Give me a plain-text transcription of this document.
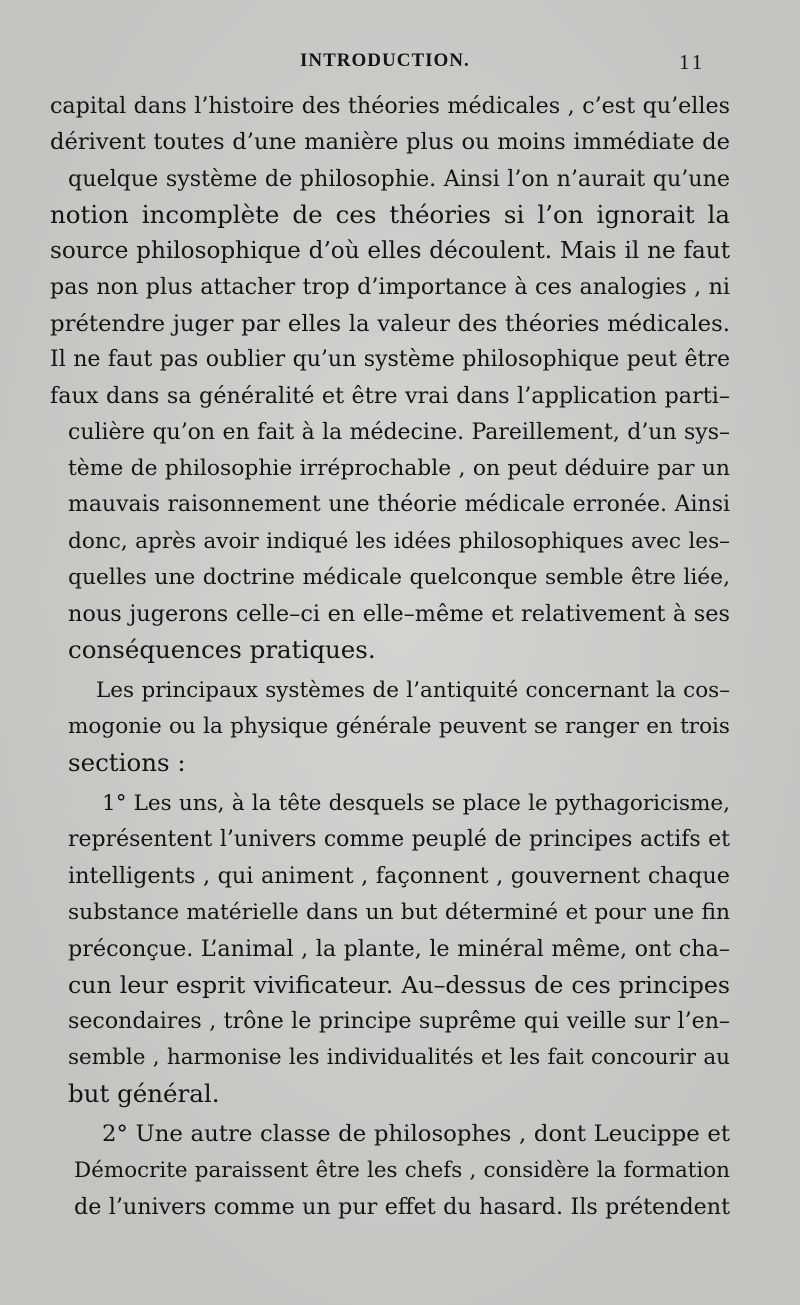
INTRODUCTION.	11
capital dans l’histoire des théories médicales , c’est qu’elles
dérivent toutes d’une manière plus ou moins immédiate de
quelque système de philosophie. Ainsi l’on n’aurait qu’une
notion incomplète de ces théories si l’on ignorait la
source philosophique d’où elles découlent. Mais il ne faut
pas non plus attacher trop d’importance à ces analogies , ni
prétendre juger par elles la valeur des théories médicales.
Il ne faut pas oublier qu’un système philosophique peut être
faux dans sa généralité et être vrai dans l’application parti–
culière qu’on en fait à la médecine. Pareillement, d’un sys–
tème de philosophie irréprochable , on peut déduire par un
mauvais raisonnement une théorie médicale erronée. Ainsi
donc, après avoir indiqué les idées philosophiques avec les–
quelles une doctrine médicale quelconque semble être liée,
nous jugerons celle–ci en elle–même et relativement à ses
conséquences pratiques.
Les principaux systèmes de l’antiquité concernant la cos–
mogonie ou la physique générale peuvent se ranger en trois
sections :
1° Les uns, à la tête desquels se place le pythagoricisme,
représentent l’univers comme peuplé de principes actifs et
intelligents , qui animent , façonnent , gouvernent chaque
substance matérielle dans un but déterminé et pour une fin
préconçue. L’animal , la plante, le minéral même, ont cha–
cun leur esprit vivificateur. Au–dessus de ces principes
secondaires , trône le principe suprême qui veille sur l’en–
semble , harmonise les individualités et les fait concourir au
but général.
2° Une autre classe de philosophes , dont Leucippe et
Démocrite paraissent être les chefs , considère la formation
de l’univers comme un pur effet du hasard. Ils prétendent
